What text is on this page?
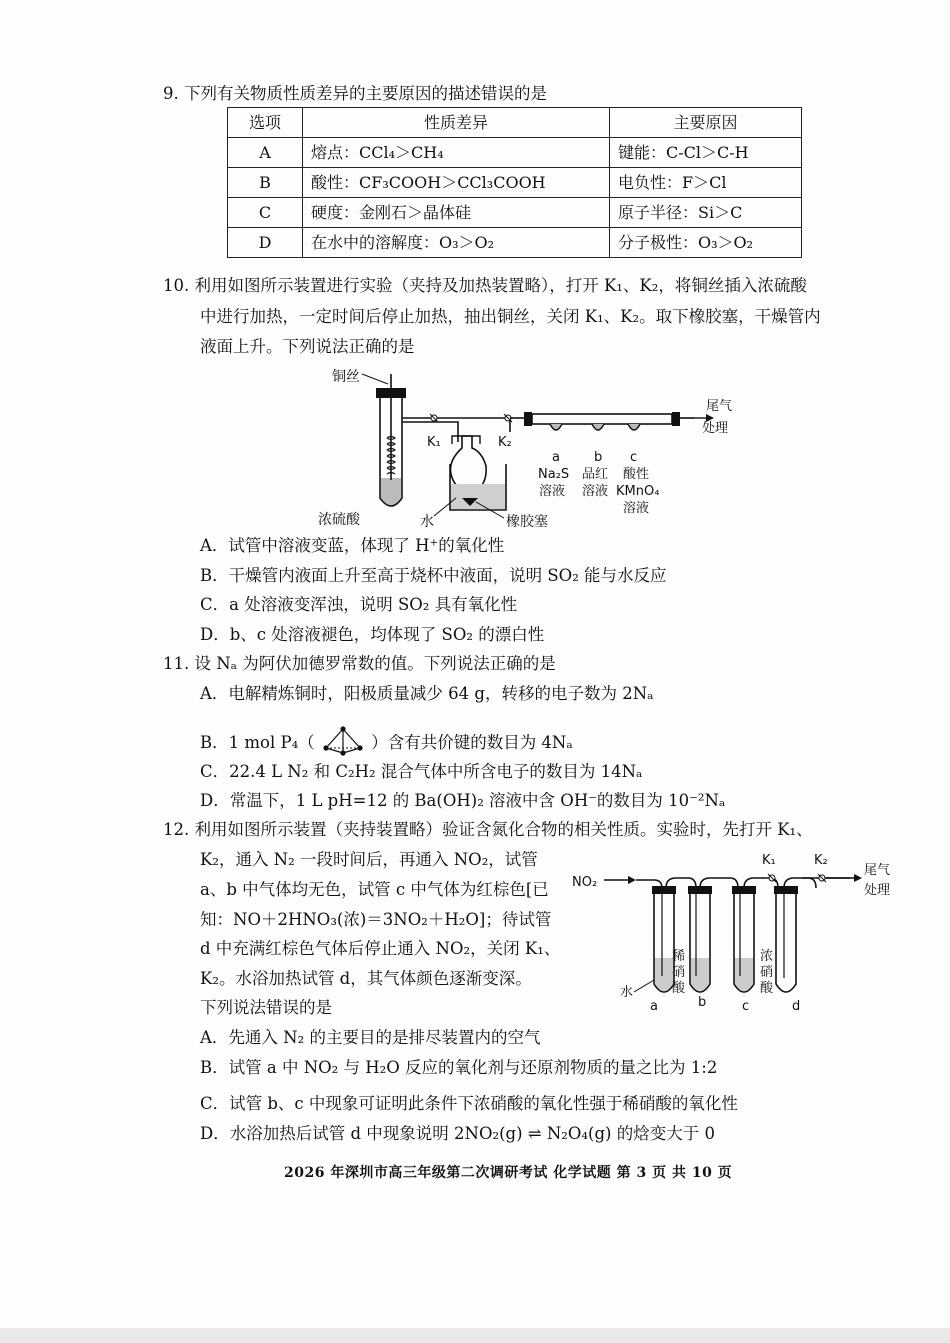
9. 下列有关物质性质差异的主要原因的描述错误的是
选项	性质差异	主要原因
A	熔点：CCl₄＞CH₄	键能：C-Cl＞C-H
B	酸性：CF₃COOH＞CCl₃COOH	电负性：F＞Cl
C	硬度：金刚石＞晶体硅	原子半径：Si＞C
D	在水中的溶解度：O₃＞O₂	分子极性：O₃＞O₂
10. 利用如图所示装置进行实验（夹持及加热装置略），打开 K₁、K₂，将铜丝插入浓硫酸
中进行加热，一定时间后停止加热，抽出铜丝，关闭 K₁、K₂。取下橡胶塞，干燥管内
液面上升。下列说法正确的是
铜丝
浓硫酸
K₁
水	橡胶塞
K₂
a	b c
Na₂S
溶液
品红
溶液
酸性
KMnO₄
溶液
尾气
处理
A．试管中溶液变蓝，体现了 H⁺的氧化性
B．干燥管内液面上升至高于烧杯中液面，说明 SO₂ 能与水反应
C．a 处溶液变浑浊，说明 SO₂ 具有氧化性
D．b、c 处溶液褪色，均体现了 SO₂ 的漂白性
11. 设 Nₐ 为阿伏加德罗常数的值。下列说法正确的是
A．电解精炼铜时，阳极质量减少 64 g，转移的电子数为 2Nₐ
B．1 mol P₄（	）含有共价键的数目为 4Nₐ
C．22.4 L N₂ 和 C₂H₂ 混合气体中所含电子的数目为 14Nₐ
D．常温下，1 L pH=12 的 Ba(OH)₂ 溶液中含 OH⁻的数目为 10⁻²Nₐ
12. 利用如图所示装置（夹持装置略）验证含氮化合物的相关性质。实验时，先打开 K₁、
K₂，通入 N₂ 一段时间后，再通入 NO₂，试管
a、b 中气体均无色，试管 c 中气体为红棕色[已
知：NO＋2HNO₃(浓)＝3NO₂＋H₂O]；待试管
d 中充满红棕色气体后停止通入 NO₂，关闭 K₁、
K₂。水浴加热试管 d，其气体颜色逐渐变深。
下列说法错误的是
NO₂
K₁	K₂
尾气
处理
水
稀
硝
酸
浓
硝
酸
a	b	c	d
A．先通入 N₂ 的主要目的是排尽装置内的空气
B．试管 a 中 NO₂ 与 H₂O 反应的氧化剂与还原剂物质的量之比为 1:2
C．试管 b、c 中现象可证明此条件下浓硝酸的氧化性强于稀硝酸的氧化性
D．水浴加热后试管 d 中现象说明 2NO₂(g) ⇌ N₂O₄(g) 的焓变大于 0
2026 年深圳市高三年级第二次调研考试 化学试题 第 3 页 共 10 页
